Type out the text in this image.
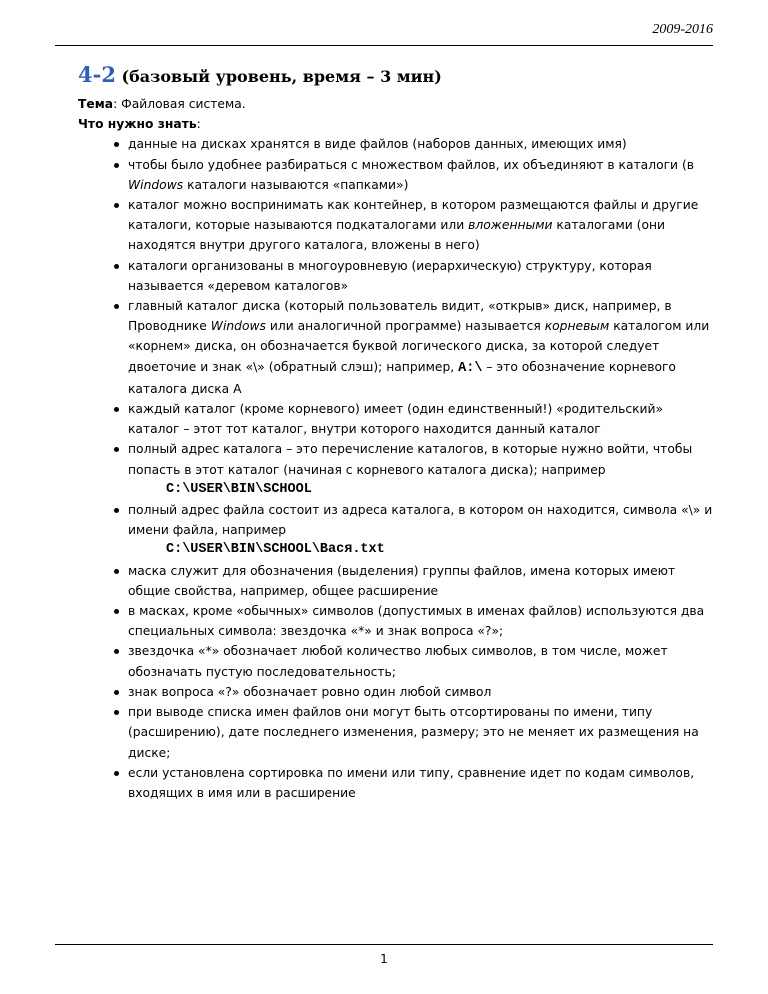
2009-2016
4-2 (базовый уровень, время – 3 мин)

Тема: Файловая система.

Что нужно знать:

данные на дисках хранятся в виде файлов (наборов данных, имеющих имя)
чтобы было удобнее разбираться с множеством файлов, их объединяют в каталоги (в Windows каталоги называются «папками»)
каталог можно воспринимать как контейнер, в котором размещаются файлы и другие каталоги, которые называются подкаталогами или вложенными каталогами (они находятся внутри другого каталога, вложены в него)
каталоги организованы в многоуровневую (иерархическую) структуру, которая называется «деревом каталогов»
главный каталог диска (который пользователь видит, «открыв» диск, например, в Проводнике Windows или аналогичной программе) называется корневым каталогом или «корнем» диска, он обозначается буквой логического диска, за которой следует двоеточие и знак «\» (обратный слэш); например, A:\ – это обозначение корневого каталога диска А
каждый каталог (кроме корневого) имеет (один единственный!) «родительский» каталог – этот тот каталог, внутри которого находится данный каталог
полный адрес каталога – это перечисление каталогов, в которые нужно войти, чтобы попасть в этот каталог (начиная с корневого каталога диска); например
C:\USER\BIN\SCHOOL
полный адрес файла состоит из адреса каталога, в котором он находится, символа «\» и имени файла, например
C:\USER\BIN\SCHOOL\Вася.txt
маска служит для обозначения (выделения) группы файлов, имена которых имеют общие свойства, например, общее расширение
в масках, кроме «обычных» символов (допустимых в именах файлов) используются два специальных символа: звездочка «*» и знак вопроса «?»;
звездочка «*» обозначает любой количество любых символов, в том числе, может обозначать пустую последовательность;
знак вопроса «?» обозначает ровно один любой символ
при выводе списка имен файлов они могут быть отсортированы по имени, типу (расширению), дате последнего изменения, размеру; это не меняет их размещения на диске;
если установлена сортировка по имени или типу, сравнение идет по кодам символов, входящих в имя или в расширение
1
